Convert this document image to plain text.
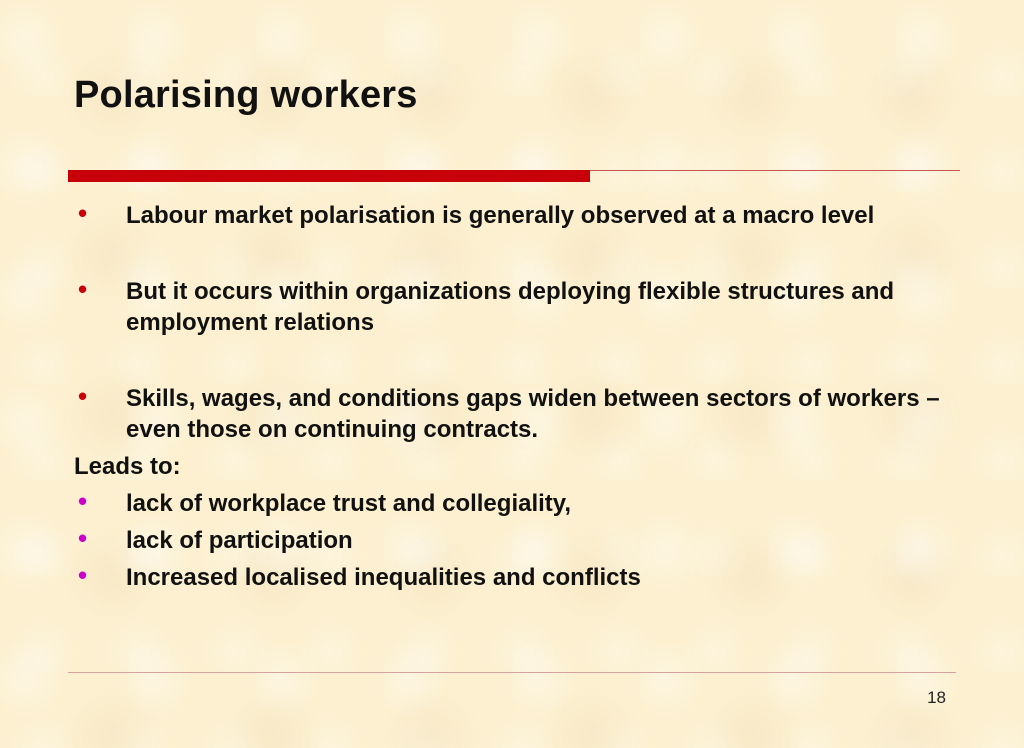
Polarising workers
• Labour market polarisation is generally observed at a macro level
• But it occurs within organizations deploying flexible structures and employment relations
• Skills, wages, and conditions gaps widen between sectors of workers – even those on continuing contracts.
Leads to:
• lack of workplace trust and collegiality,
• lack of participation
• Increased localised inequalities and conflicts
18
